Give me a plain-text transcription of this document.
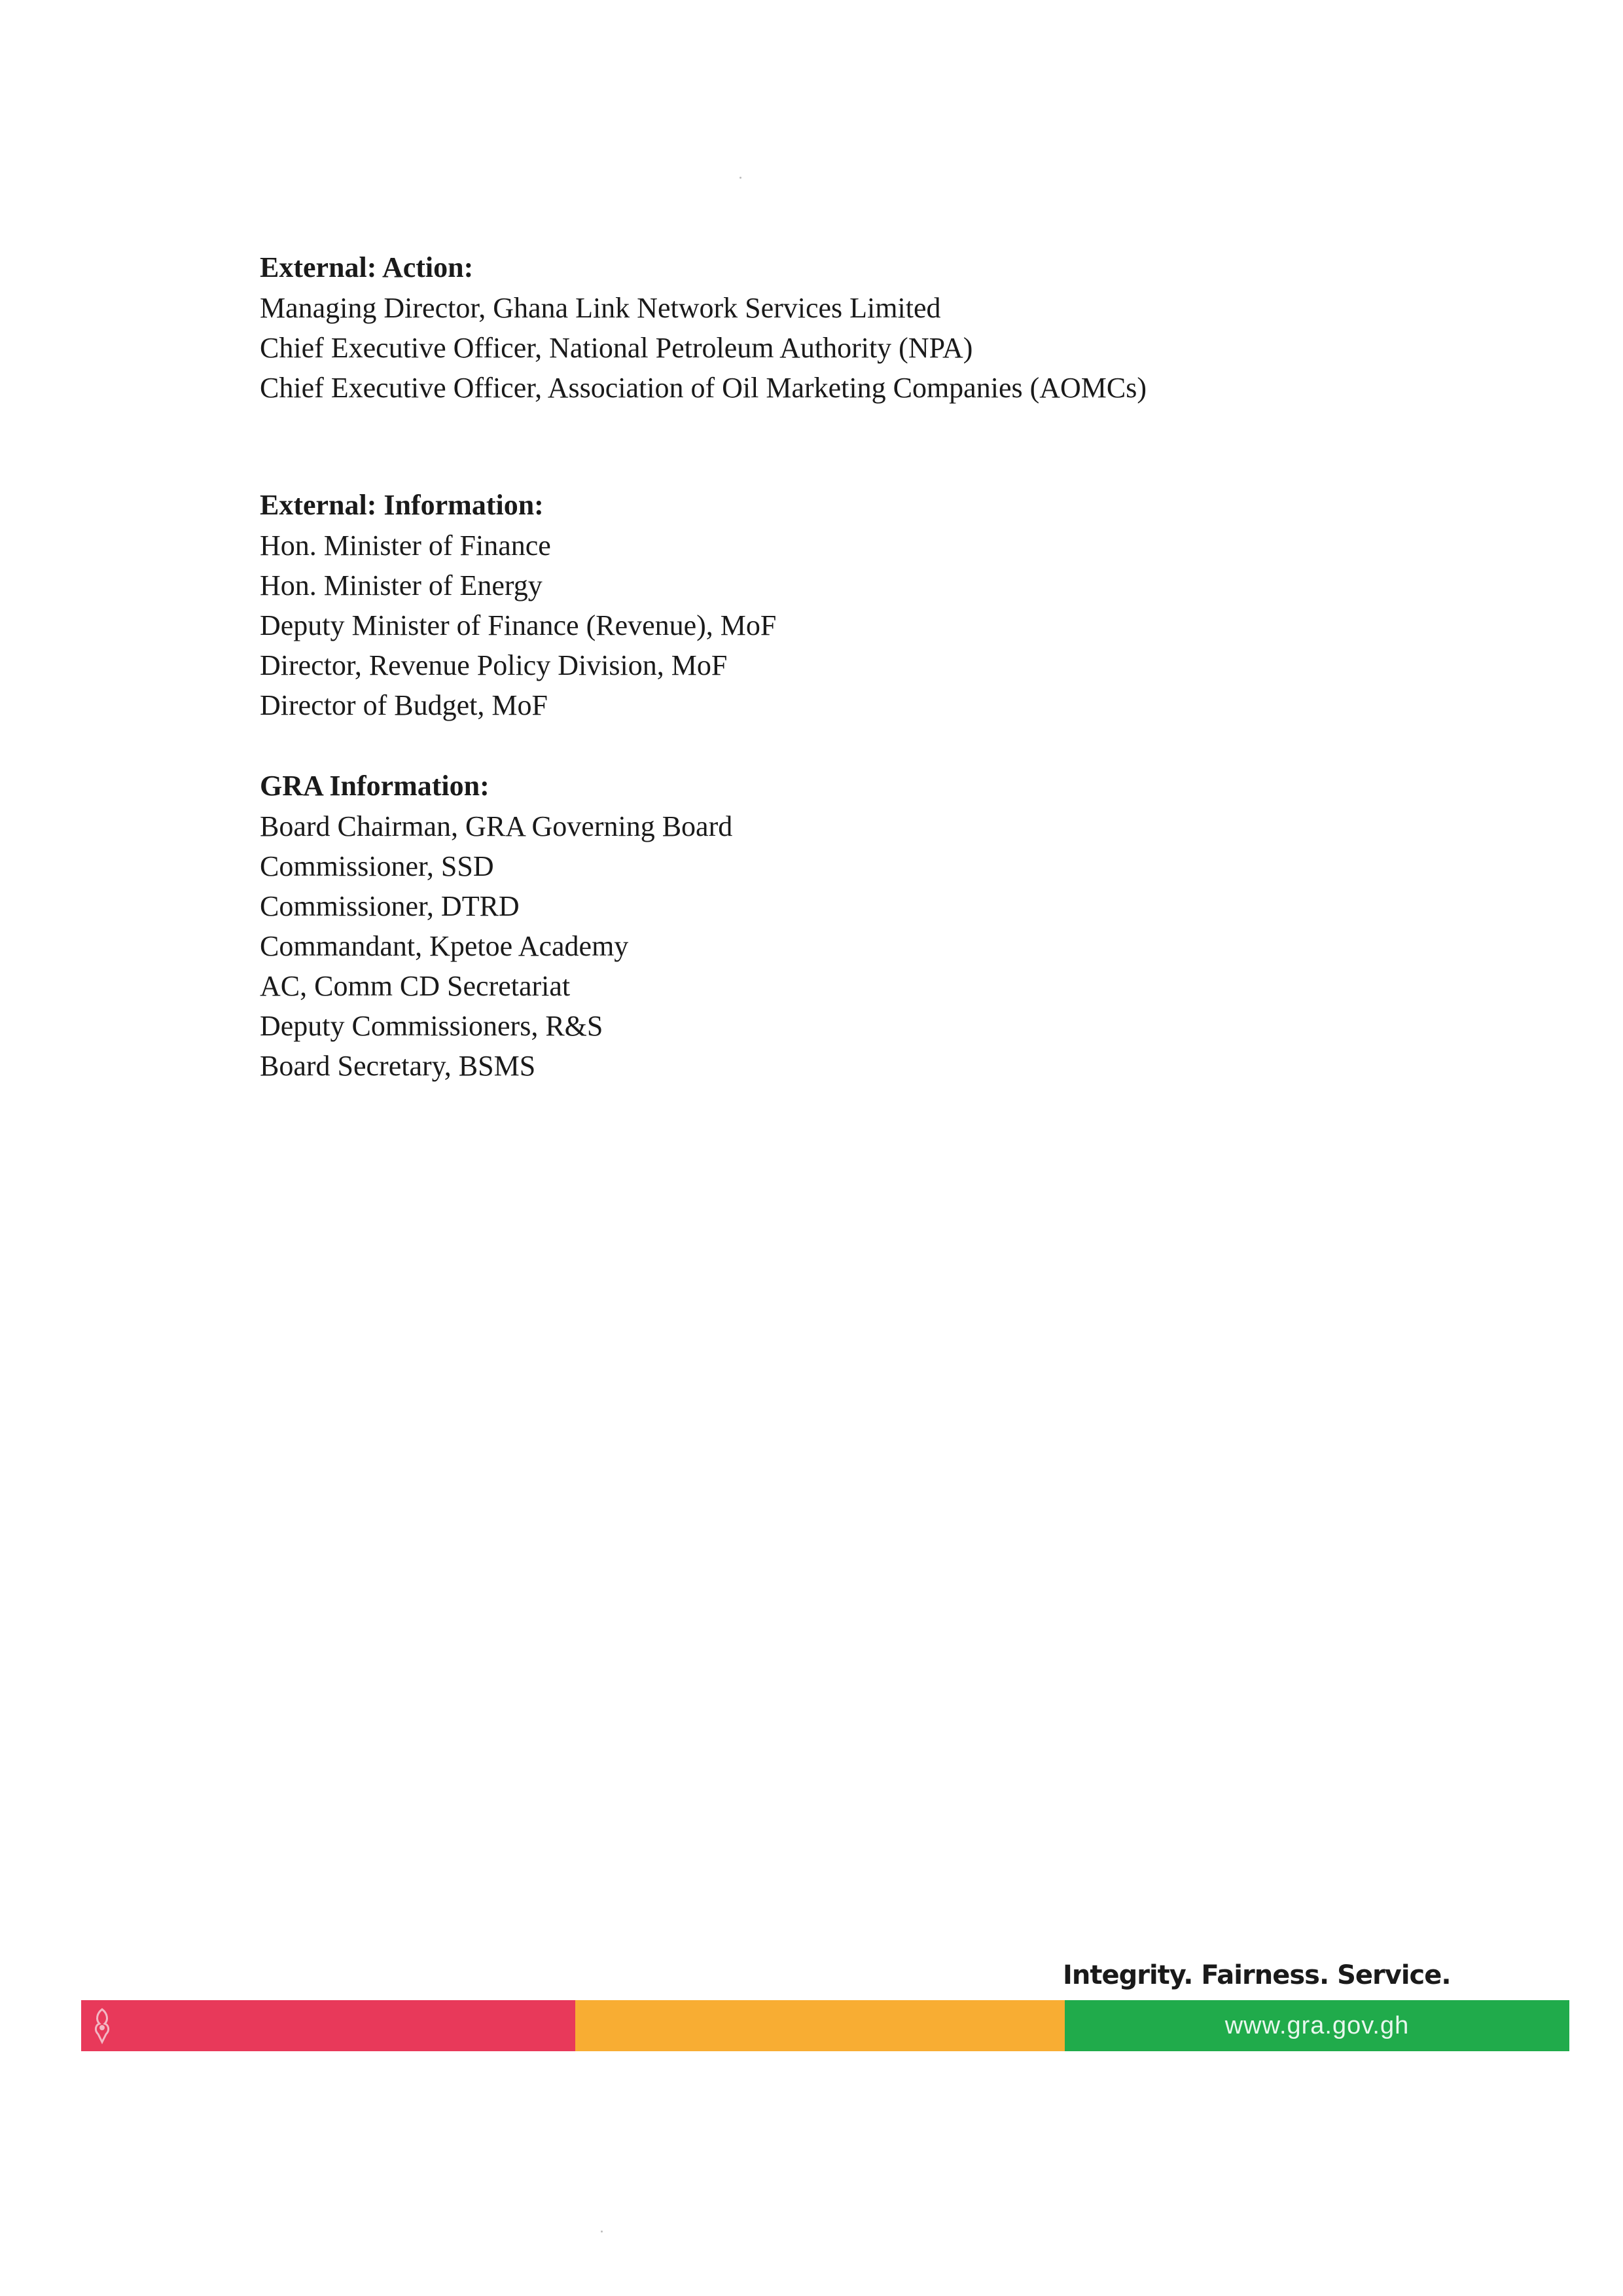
External: Action:
Managing Director, Ghana Link Network Services Limited
Chief Executive Officer, National Petroleum Authority (NPA)
Chief Executive Officer, Association of Oil Marketing Companies (AOMCs)
External: Information:
Hon. Minister of Finance
Hon. Minister of Energy
Deputy Minister of Finance (Revenue), MoF
Director, Revenue Policy Division, MoF
Director of Budget, MoF
GRA Information:
Board Chairman, GRA Governing Board
Commissioner, SSD
Commissioner, DTRD
Commandant, Kpetoe Academy
AC, Comm CD Secretariat
Deputy Commissioners, R&S
Board Secretary, BSMS
Integrity. Fairness. Service.
www.gra.gov.gh
